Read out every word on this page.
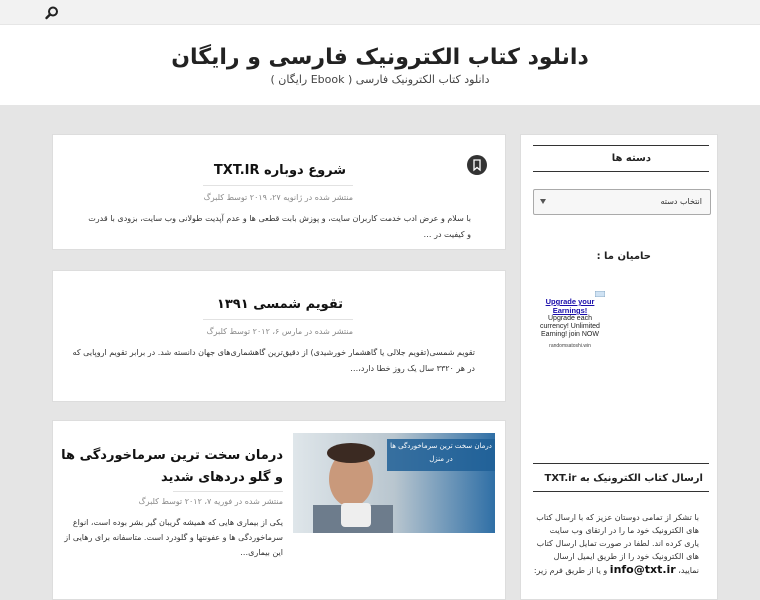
دانلود کتاب الکترونیک فارسی و رایگان
دانلود کتاب الکترونیک فارسی ( Ebook رایگان )
شروع دوباره TXT.IR
منتشر شده در ژانویه ۲۷، ۲۰۱۹ توسط کلبرگ
با سلام و عرض ادب خدمت کاربران سایت، و پوزش بابت قطعی ها و عدم آپدیت طولانی وب سایت، بزودی با قدرت و کیفیت در …
تقویم شمسی ۱۳۹۱
منتشر شده در مارس ۶، ۲۰۱۲ توسط کلبرگ
تقویم شمسی(تقویم جلالی یا گاهشمار خورشیدی) از دقیق‌ترین گاهشماری‌های جهان دانسته شد. در برابر تقویم اروپایی که در هر ۳۳۲۰ سال یک روز خطا دارد،…
درمان سخت ترین سرماخوردگی ها
در منزل
درمان سخت ترین سرماخوردگی ها و گلو دردهای شدید
منتشر شده در فوریه ۷، ۲۰۱۲ توسط کلبرگ
یکی از بیماری هایی که همیشه گریبان گیر بشر بوده است، انواع سرماخوردگی ها و عفونتها و گلودرد است. متاسفانه برای رهایی از این بیماری…
دسته ها
انتخاب دسته
حامیان ما :
Upgrade your Earnings!
Upgrade each currency! Unlimited Earning! join NOW
randomsatoshi.win
ارسال کتاب الکترونیک به TXT.ir
با تشکر از تمامی دوستان عزیز که با ارسال کتاب های الکترونیک خود ما را در ارتقای وب سایت یاری کرده اند. لطفا در صورت تمایل ارسال کتاب های الکترونیک خود را از طریق ایمیل ارسال نمایید، info@txt.ir و یا از طریق فرم زیر:
